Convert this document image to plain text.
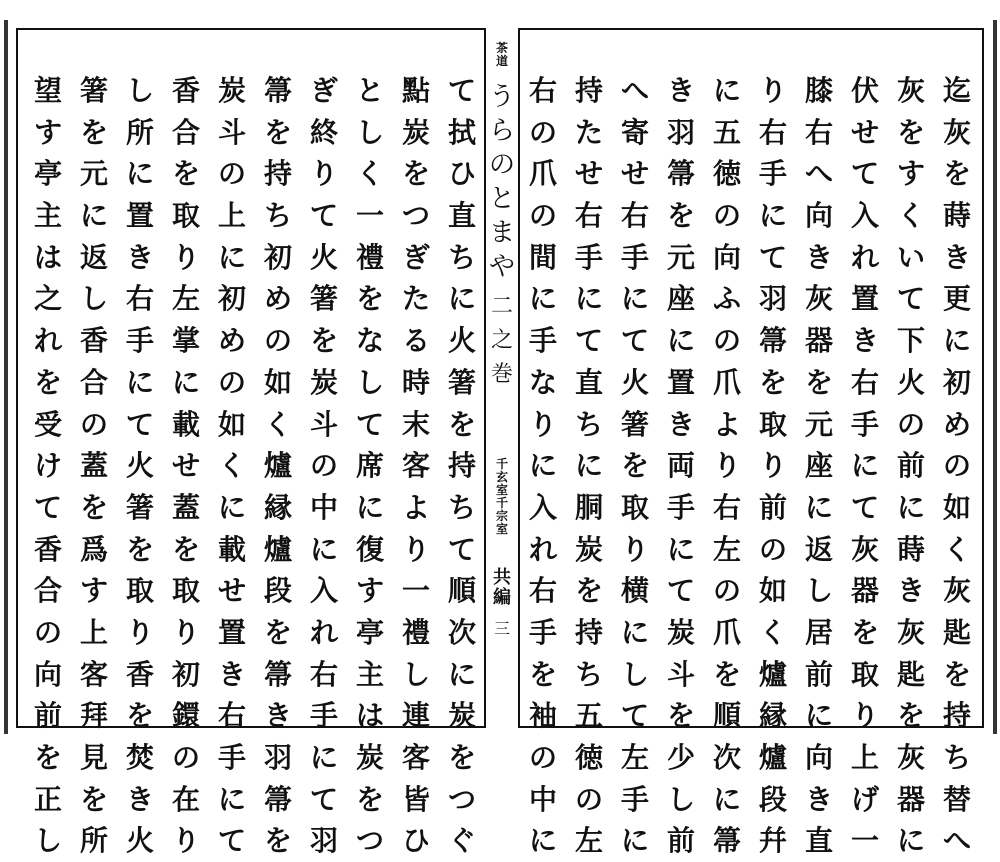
迄
灰
を
蒔
き
更
に
初
め
の
如
く
灰
匙
を
持
ち
替
へ
灰
を
す
く
い
て
下
火
の
前
に
蒔
き
灰
匙
を
灰
器
に
伏
せ
て
入
れ
置
き
右
手
に
て
灰
器
を
取
り
上
げ
一
膝
右
へ
向
き
灰
器
を
元
座
に
返
し
居
前
に
向
き
直
り
右
手
に
て
羽
箒
を
取
り
前
の
如
く
爐
縁
爐
段
幷
に
五
徳
の
向
ふ
の
爪
よ
り
右
左
の
爪
を
順
次
に
箒
き
羽
箒
を
元
座
に
置
き
両
手
に
て
炭
斗
を
少
し
前
へ
寄
せ
右
手
に
て
火
箸
を
取
り
横
に
し
て
左
手
に
持
た
せ
右
手
に
て
直
ち
に
胴
炭
を
持
ち
五
徳
の
左
右
の
爪
の
間
に
手
な
り
に
入
れ
右
手
を
袖
の
中
に
て
拭
ひ
直
ち
に
火
箸
を
持
ち
て
順
次
に
炭
を
つ
ぐ
點
炭
を
つ
ぎ
た
る
時
末
客
よ
り
一
禮
し
連
客
皆
ひ
と
し
く
一
禮
を
な
し
て
席
に
復
す
亭
主
は
炭
を
つ
ぎ
終
り
て
火
箸
を
炭
斗
の
中
に
入
れ
右
手
に
て
羽
箒
を
持
ち
初
め
の
如
く
爐
縁
爐
段
を
箒
き
羽
箒
を
炭
斗
の
上
に
初
め
の
如
く
に
載
せ
置
き
右
手
に
て
香
合
を
取
り
左
掌
に
載
せ
蓋
を
取
り
初
鐶
の
在
り
し
所
に
置
き
右
手
に
て
火
箸
を
取
り
香
を
焚
き
火
箸
を
元
に
返
し
香
合
の
蓋
を
爲
す
上
客
拜
見
を
所
望
す
亭
主
は
之
れ
を
受
け
て
香
合
の
向
前
を
正
し
茶
道
う
ら
の
と
ま
や
二
之
巻
千
玄
室
千
宗
室
共
編
三
